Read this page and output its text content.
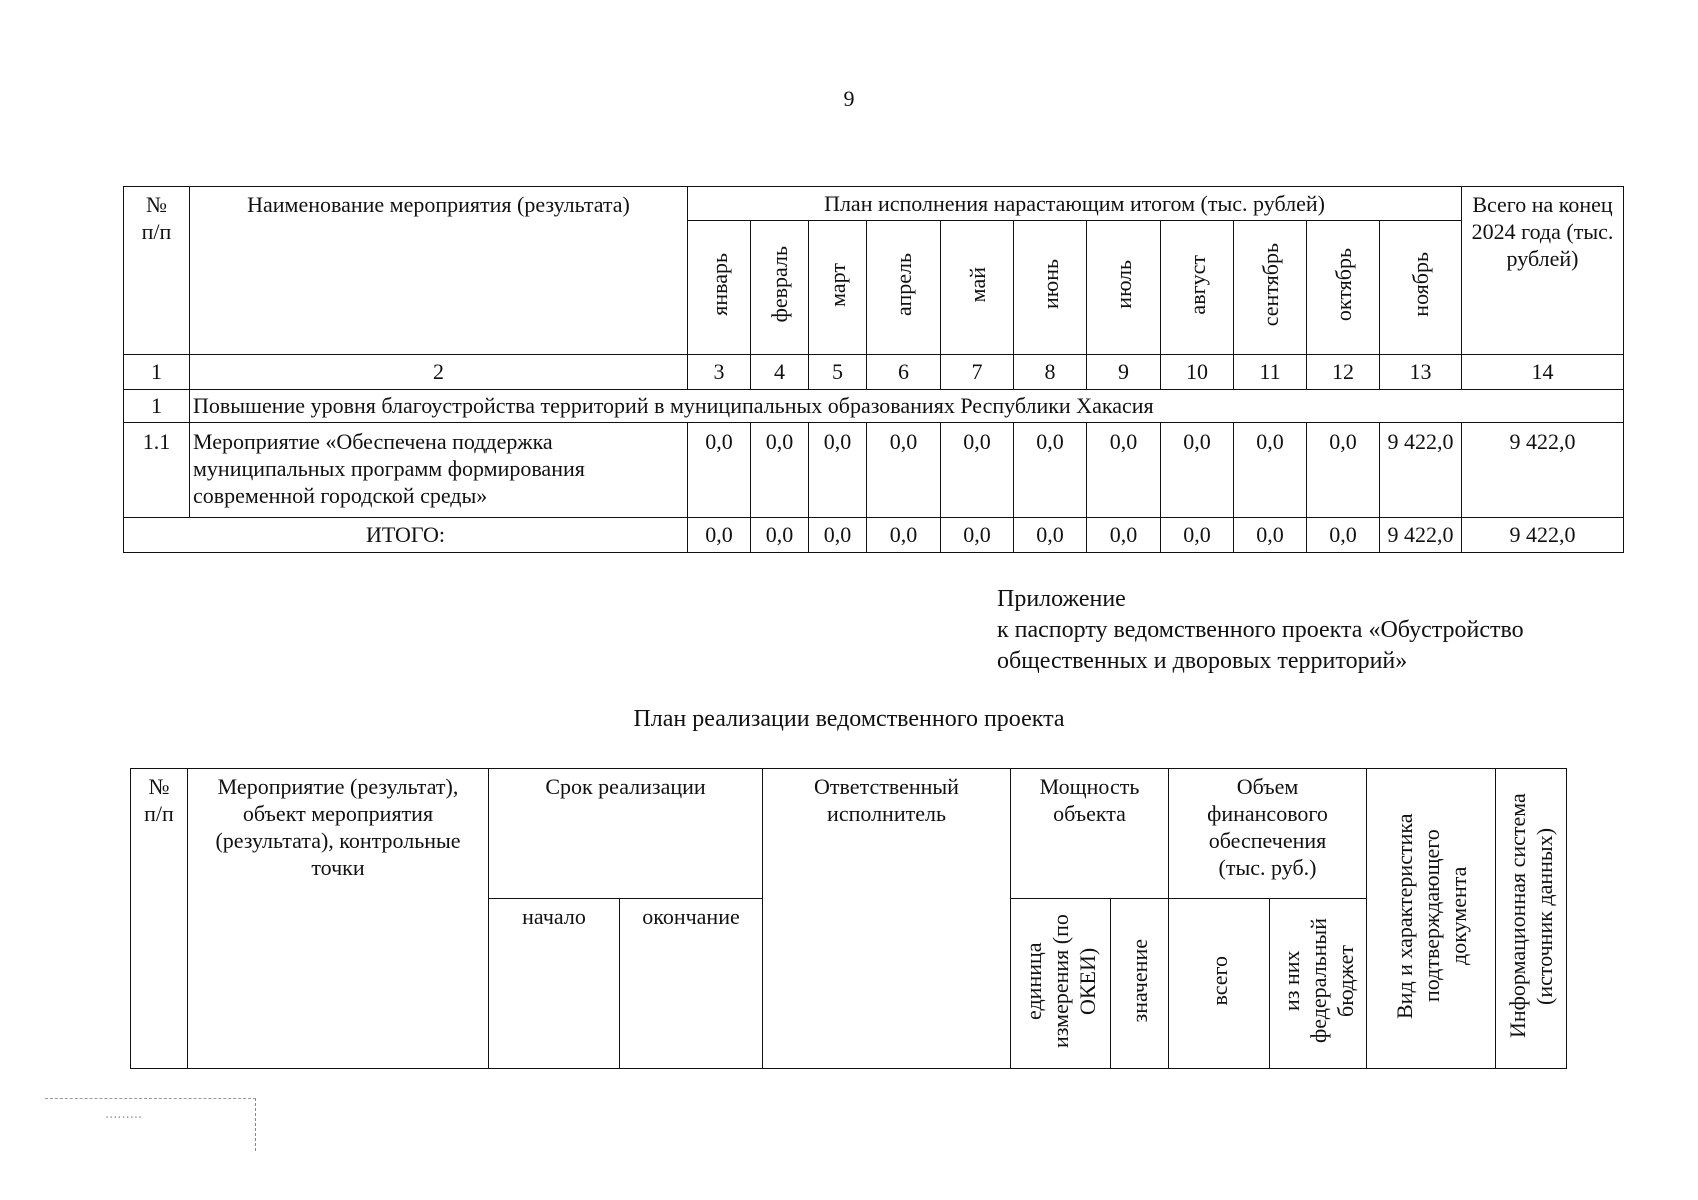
9
№
п/п	Наименование мероприятия (результата)	План исполнения нарастающим итогом (тыс. рублей)											Всего на конец 2024 года (тыс. рублей)
		январь	февраль	март	апрель	май	июнь	июль	август	сентябрь	октябрь	ноябрь	
1	2	3	4	5	6	7	8	9	10	11	12	13	14
1	Повышение уровня благоустройства территорий в муниципальных образованиях Республики Хакасия												
1.1	Мероприятие «Обеспечена поддержка муниципальных программ формирования современной городской среды»	0,0	0,0	0,0	0,0	0,0	0,0	0,0	0,0	0,0	0,0	9 422,0	9 422,0
ИТОГО:		0,0	0,0	0,0	0,0	0,0	0,0	0,0	0,0	0,0	0,0	9 422,0	9 422,0
Приложение
к паспорту ведомственного проекта «Обустройство
общественных и дворовых территорий»
План реализации ведомственного проекта
№
п/п	Мероприятие (результат), объект мероприятия (результата), контрольные точки	Срок реализации		Ответственный исполнитель	Мощность объекта		Объем финансового обеспечения (тыс. руб.)		Вид и характеристика подтверждающего документа	Информационная система (источник данных)
		начало	окончание		единица измерения (по ОКЕИ)	значение	всего	из них федеральный бюджет		
.........
